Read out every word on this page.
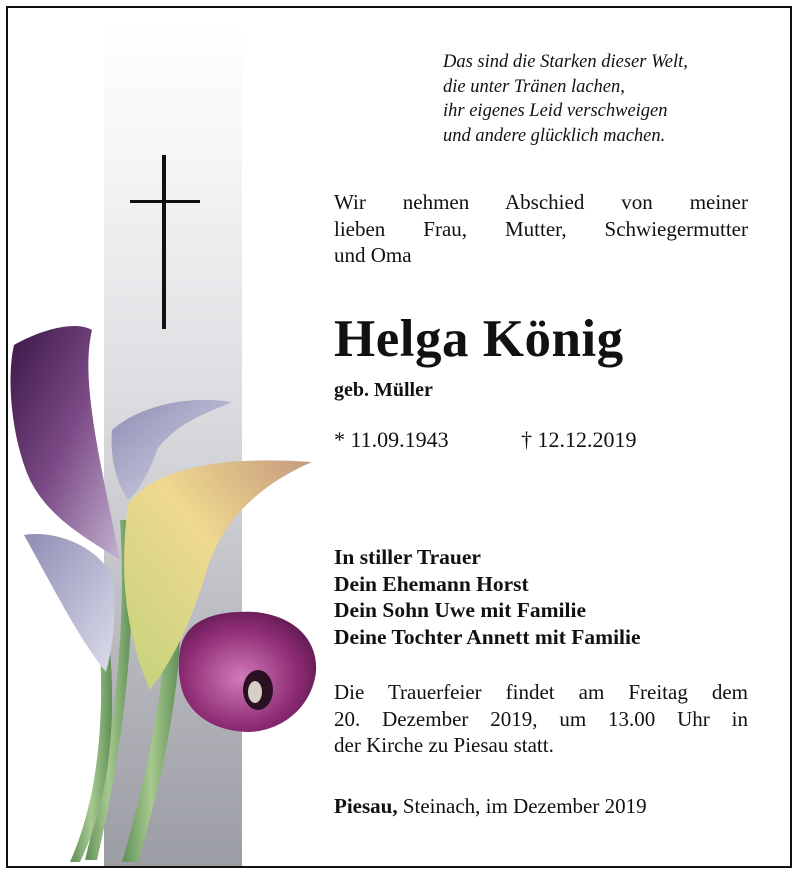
Das sind die Starken dieser Welt,
die unter Tränen lachen,
ihr eigenes Leid verschweigen
und andere glücklich machen.
Wir nehmen Abschied von meiner
lieben Frau, Mutter, Schwiegermutter
und Oma
Helga König
geb. Müller
* 11.09.1943	† 12.12.2019
In stiller Trauer
Dein Ehemann Horst
Dein Sohn Uwe mit Familie
Deine Tochter Annett mit Familie
Die Trauerfeier findet am Freitag dem
20. Dezember 2019, um 13.00 Uhr in
der Kirche zu Piesau statt.
Piesau, Steinach, im Dezember 2019
